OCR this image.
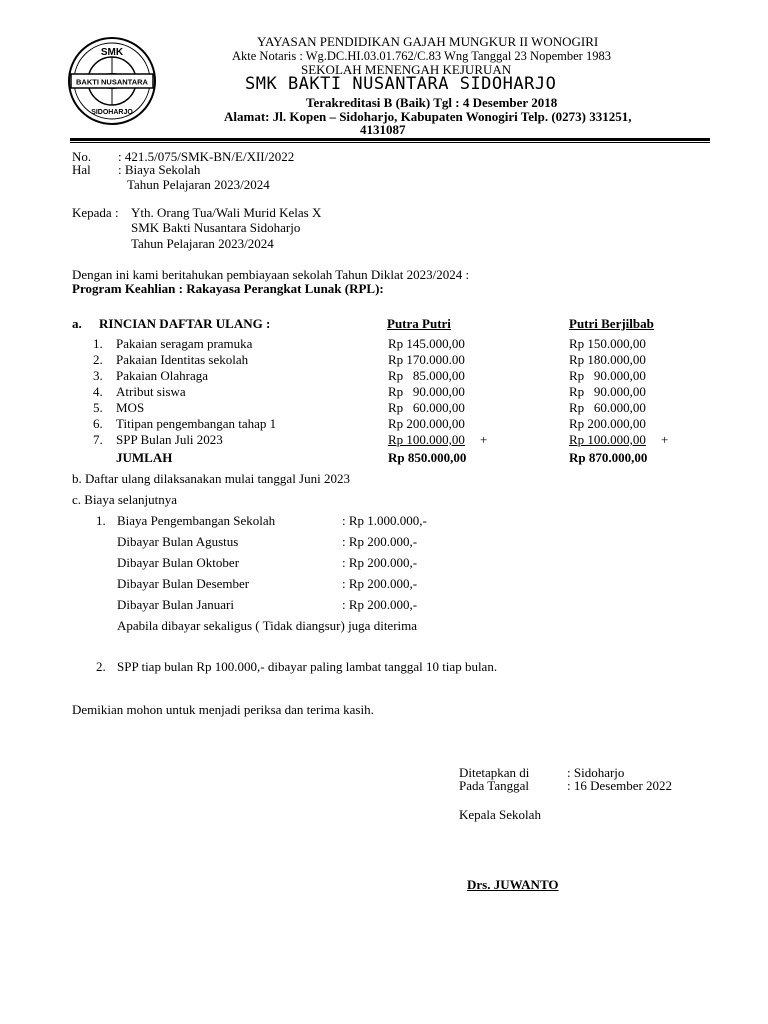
BAKTI NUSANTARA
SMK
SIDOHARJO
YAYASAN PENDIDIKAN GAJAH MUNGKUR II WONOGIRI
Akte Notaris : Wg.DC.HI.03.01.762/C.83 Wng Tanggal 23 Nopember 1983
SEKOLAH MENENGAH KEJURUAN
SMK BAKTI NUSANTARA SIDOHARJO
Terakreditasi B (Baik) Tgl : 4 Desember 2018
Alamat: Jl. Kopen – Sidoharjo, Kabupaten Wonogiri Telp. (0273) 331251,
4131087
No. : 421.5/075/SMK-BN/E/XII/2022
Hal : Biaya Sekolah
Tahun Pelajaran 2023/2024
Kepada : Yth. Orang Tua/Wali Murid Kelas X
SMK Bakti Nusantara Sidoharjo
Tahun Pelajaran 2023/2024
Dengan ini kami beritahukan pembiayaan sekolah Tahun Diklat 2023/2024 :
Program Keahlian : Rakayasa Perangkat Lunak (RPL):
a. RINCIAN DAFTAR ULANG :	Putra Putri	Putri Berjilbab
1. Pakaian seragam pramuka	Rp 145.000,00	Rp 150.000,00
2. Pakaian Identitas sekolah	Rp 170.000.00	Rp 180.000,00
3. Pakaian Olahraga	Rp   85.000,00	Rp   90.000,00
4. Atribut siswa	Rp   90.000,00	Rp   90.000,00
5. MOS	Rp   60.000,00	Rp   60.000,00
6. Titipan pengembangan tahap 1	Rp 200.000,00	Rp 200.000,00
7. SPP Bulan Juli 2023	Rp 100.000,00	Rp 100.000,00
+	+
JUMLAH	Rp 850.000,00	Rp 870.000,00
b. Daftar ulang dilaksanakan mulai tanggal Juni 2023
c. Biaya selanjutnya
1. Biaya Pengembangan Sekolah	: Rp 1.000.000,-
Dibayar Bulan Agustus	: Rp 200.000,-
Dibayar Bulan Oktober	: Rp 200.000,-
Dibayar Bulan Desember	: Rp 200.000,-
Dibayar Bulan Januari	: Rp 200.000,-
Apabila dibayar sekaligus ( Tidak diangsur) juga diterima
2. SPP tiap bulan Rp 100.000,- dibayar paling lambat tanggal 10 tiap bulan.
Demikian mohon untuk menjadi periksa dan terima kasih.
Ditetapkan di	: Sidoharjo
Pada Tanggal	: 16 Desember 2022
Kepala Sekolah
Drs. JUWANTO
